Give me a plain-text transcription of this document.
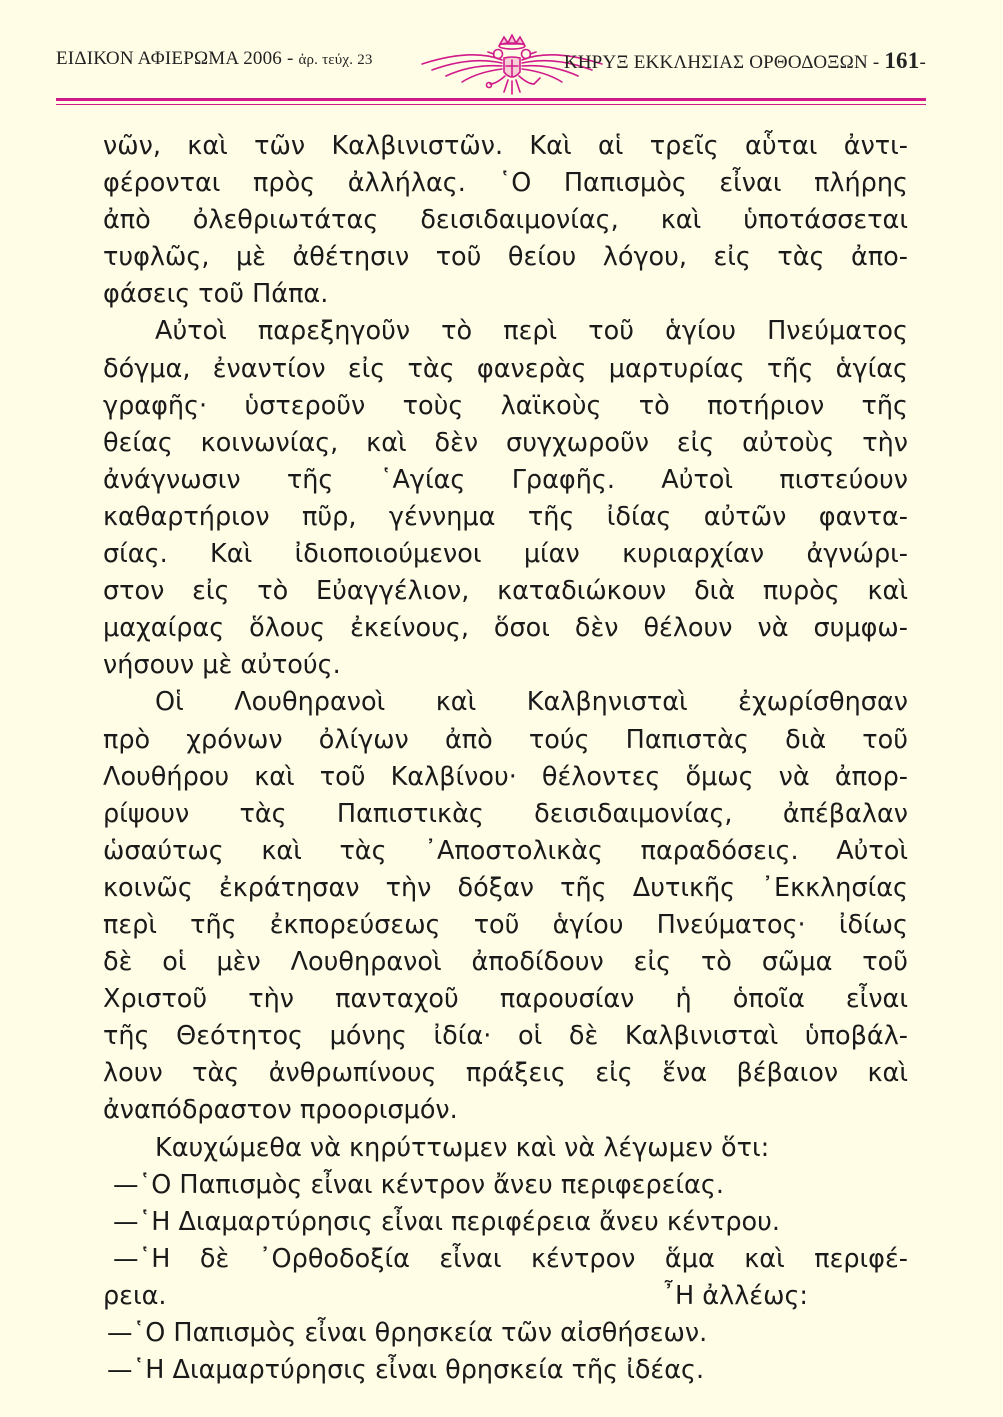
ΕΙΔΙΚΟΝ ΑΦΙΕΡΩΜΑ 2006 - ἀρ. τεύχ. 23	ΚΗΡΥΞ ΕΚΚΛΗΣΙΑΣ ΟΡΘΟΔΟΞΩΝ - 161-
νῶν, καὶ τῶν Καλβινιστῶν. Καὶ αἱ τρεῖς αὗται ἀντι-
φέρονται πρὸς ἀλλήλας. ῾Ο Παπισμὸς εἶναι πλήρης
ἀπὸ ὀλεθριωτάτας δεισιδαιμονίας, καὶ ὑποτάσσεται
τυφλῶς, μὲ ἀθέτησιν τοῦ θείου λόγου, εἰς τὰς ἀπο-
φάσεις τοῦ Πάπα.
Αὐτοὶ παρεξηγοῦν τὸ περὶ τοῦ ἁγίου Πνεύματος
δόγμα, ἐναντίον εἰς τὰς φανερὰς μαρτυρίας τῆς ἁγίας
γραφῆς· ὑστεροῦν τοὺς λαϊκοὺς τὸ ποτήριον τῆς
θείας κοινωνίας, καὶ δὲν συγχωροῦν εἰς αὐτοὺς τὴν
ἀνάγνωσιν τῆς ῾Αγίας Γραφῆς. Αὐτοὶ πιστεύουν
καθαρτήριον πῦρ, γέννημα τῆς ἰδίας αὐτῶν φαντα-
σίας. Καὶ ἰδιοποιούμενοι μίαν κυριαρχίαν ἀγνώρι-
στον εἰς τὸ Εὐαγγέλιον, καταδιώκουν διὰ πυρὸς καὶ
μαχαίρας ὅλους ἐκείνους, ὅσοι δὲν θέλουν νὰ συμφω-
νήσουν μὲ αὐτούς.
Οἱ Λουθηρανοὶ καὶ Καλβηνισταὶ ἐχωρίσθησαν
πρὸ χρόνων ὀλίγων ἀπὸ τούς Παπιστὰς διὰ τοῦ
Λουθήρου καὶ τοῦ Καλβίνου· θέλοντες ὅμως νὰ ἀπορ-
ρίψουν τὰς Παπιστικὰς δεισιδαιμονίας, ἀπέβαλαν
ὡσαύτως καὶ τὰς ᾿Αποστολικὰς παραδόσεις. Αὐτοὶ
κοινῶς ἐκράτησαν τὴν δόξαν τῆς Δυτικῆς ᾿Εκκλησίας
περὶ τῆς ἐκπορεύσεως τοῦ ἁγίου Πνεύματος· ἰδίως
δὲ οἱ μὲν Λουθηρανοὶ ἀποδίδουν εἰς τὸ σῶμα τοῦ
Χριστοῦ τὴν πανταχοῦ παρουσίαν ἡ ὁποῖα εἶναι
τῆς Θεότητος μόνης ἰδία· οἱ δὲ Καλβινισταὶ ὑποβάλ-
λουν τὰς ἀνθρωπίνους πράξεις εἰς ἕνα βέβαιον καὶ
ἀναπόδραστον προορισμόν.
Καυχώμεθα νὰ κηρύττωμεν καὶ νὰ λέγωμεν ὅτι:
—῾Ο Παπισμὸς εἶναι κέντρον ἄνευ περιφερείας.
—῾Η Διαμαρτύρησις εἶναι περιφέρεια ἄνευ κέντρου.
—῾Η δὲ ᾿Ορθοδοξία εἶναι κέντρον ἅμα καὶ περιφέ-
ρεια.	῏Η ἀλλέως:
—῾Ο Παπισμὸς εἶναι θρησκεία τῶν αἰσθήσεων.
—῾Η Διαμαρτύρησις εἶναι θρησκεία τῆς ἰδέας.
